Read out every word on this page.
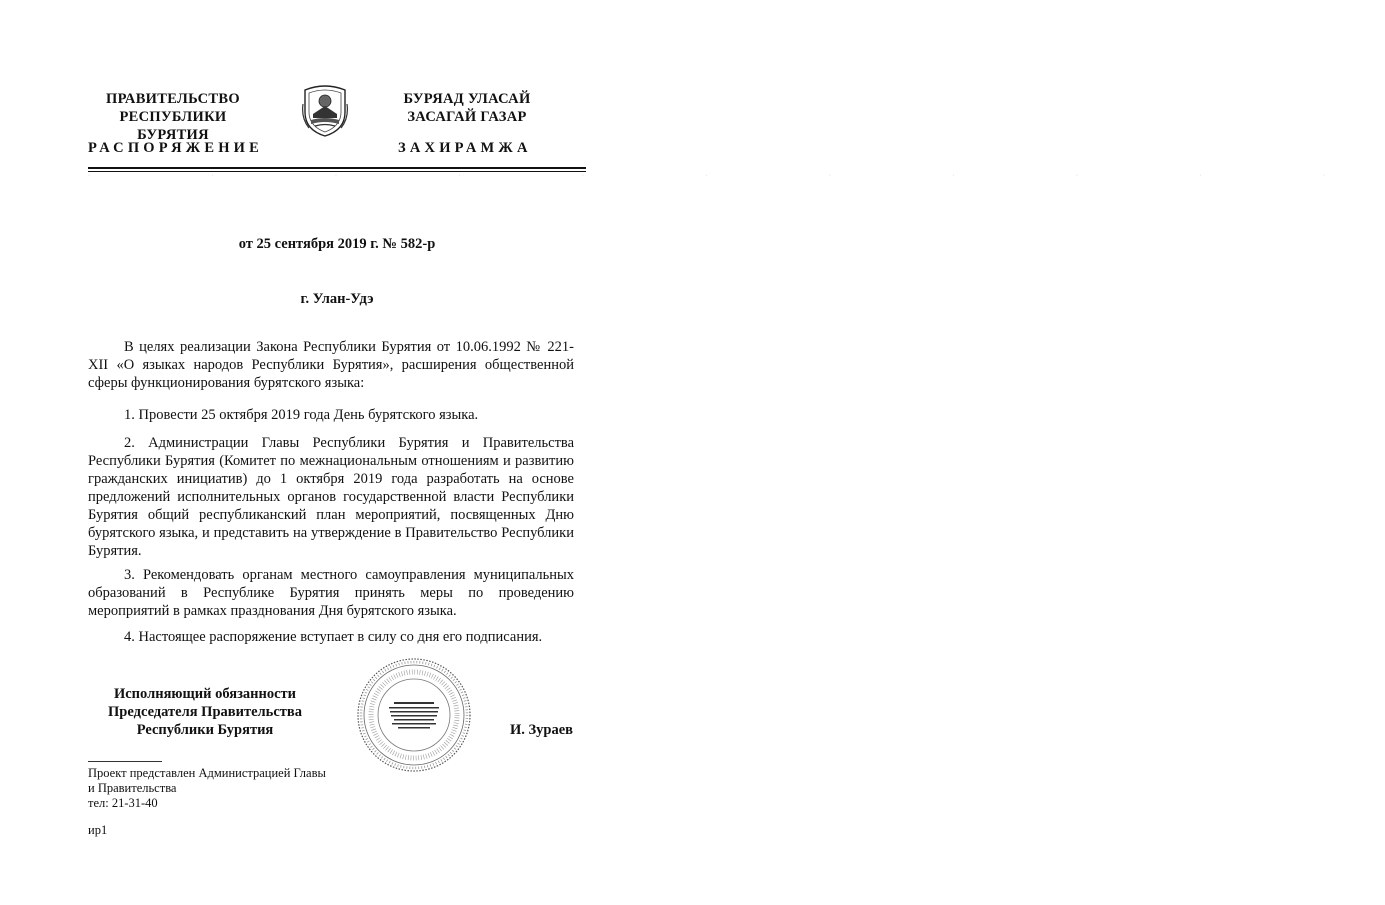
ПРАВИТЕЛЬСТВО
РЕСПУБЛИКИ БУРЯТИЯ
БУРЯАД УЛАСАЙ
ЗАСАГАЙ ГАЗАР
РАСПОРЯЖЕНИЕ	ЗАХИРАМЖА
· · · · · · · · · · ·
от 25 сентября 2019 г. № 582-р
г. Улан-Удэ
В целях реализации Закона Республики Бурятия от 10.06.1992 № 221-XII «О языках народов Республики Бурятия», расширения общественной сферы функционирования бурятского языка:
1. Провести 25 октября 2019 года День бурятского языка.
2. Администрации Главы Республики Бурятия и Правительства Республики Бурятия (Комитет по межнациональным отношениям и развитию гражданских инициатив) до 1 октября 2019 года разработать на основе предложений исполнительных органов государственной власти Республики Бурятия общий республиканский план мероприятий, посвященных Дню бурятского языка, и представить на утверждение в Правительство Республики Бурятия.
3. Рекомендовать органам местного самоуправления муниципальных образований в Республике Бурятия принять меры по проведению мероприятий в рамках празднования Дня бурятского языка.
4. Настоящее распоряжение вступает в силу со дня его подписания.
Исполняющий обязанности
Председателя Правительства
Республики Бурятия	И. Зураев
Проект представлен Администрацией Главы
и Правительства
тел: 21-31-40
ир1
